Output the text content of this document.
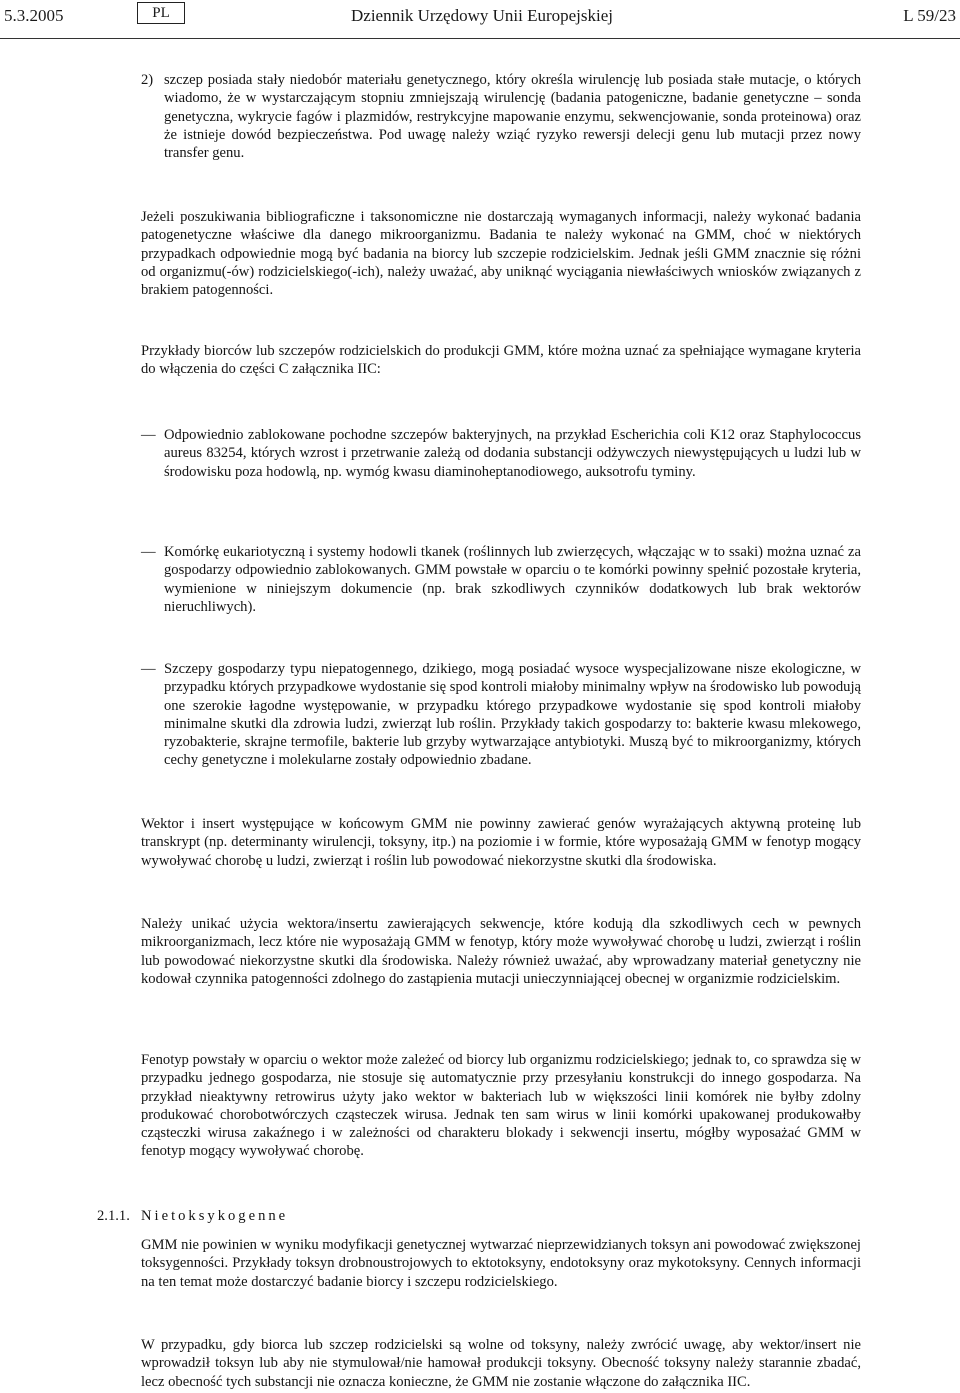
5.3.2005	PL	Dziennik Urzędowy Unii Europejskiej	L 59/23
2) szczep posiada stały niedobór materiału genetycznego, który określa wirulencję lub posiada stałe mutacje, o których wiadomo, że w wystarczającym stopniu zmniejszają wirulencję (badania patogeniczne, badanie genetyczne – sonda genetyczna, wykrycie fagów i plazmidów, restrykcyjne mapowanie enzymu, sekwencjowanie, sonda proteinowa) oraz że istnieje dowód bezpieczeństwa. Pod uwagę należy wziąć ryzyko rewersji delecji genu lub mutacji przez nowy transfer genu.

Jeżeli poszukiwania bibliograficzne i taksonomiczne nie dostarczają wymaganych informacji, należy wykonać badania patogenetyczne właściwe dla danego mikroorganizmu. Badania te należy wykonać na GMM, choć w niektórych przypadkach odpowiednie mogą być badania na biorcy lub szczepie rodzicielskim. Jednak jeśli GMM znacznie się różni od organizmu(-ów) rodzicielskiego(-ich), należy uważać, aby uniknąć wyciągania niewłaściwych wniosków związanych z brakiem patogenności.

Przykłady biorców lub szczepów rodzicielskich do produkcji GMM, które można uznać za spełniające wymagane kryteria do włączenia do części C załącznika IIC:

— Odpowiednio zablokowane pochodne szczepów bakteryjnych, na przykład Escherichia coli K12 oraz Staphylococcus aureus 83254, których wzrost i przetrwanie zależą od dodania substancji odżywczych niewystępujących u ludzi lub w środowisku poza hodowlą, np. wymóg kwasu diaminoheptanodiowego, auksotrofu tyminy.

— Komórkę eukariotyczną i systemy hodowli tkanek (roślinnych lub zwierzęcych, włączając w to ssaki) można uznać za gospodarzy odpowiednio zablokowanych. GMM powstałe w oparciu o te komórki powinny spełnić pozostałe kryteria, wymienione w niniejszym dokumencie (np. brak szkodliwych czynników dodatkowych lub brak wektorów nieruchliwych).

— Szczepy gospodarzy typu niepatogennego, dzikiego, mogą posiadać wysoce wyspecjalizowane nisze ekologiczne, w przypadku których przypadkowe wydostanie się spod kontroli miałoby minimalny wpływ na środowisko lub powodują one szerokie łagodne występowanie, w przypadku którego przypadkowe wydostanie się spod kontroli miałoby minimalne skutki dla zdrowia ludzi, zwierząt lub roślin. Przykłady takich gospodarzy to: bakterie kwasu mlekowego, ryzobakterie, skrajne termofile, bakterie lub grzyby wytwarzające antybiotyki. Muszą być to mikroorganizmy, których cechy genetyczne i molekularne zostały odpowiednio zbadane.

Wektor i insert występujące w końcowym GMM nie powinny zawierać genów wyrażających aktywną proteinę lub transkrypt (np. determinanty wirulencji, toksyny, itp.) na poziomie i w formie, które wyposażają GMM w fenotyp mogący wywoływać chorobę u ludzi, zwierząt i roślin lub powodować niekorzystne skutki dla środowiska.

Należy unikać użycia wektora/insertu zawierających sekwencje, które kodują dla szkodliwych cech w pewnych mikroorganizmach, lecz które nie wyposażają GMM w fenotyp, który może wywoływać chorobę u ludzi, zwierząt i roślin lub powodować niekorzystne skutki dla środowiska. Należy również uważać, aby wprowadzany materiał genetyczny nie kodował czynnika patogenności zdolnego do zastąpienia mutacji unieczynniającej obecnej w organizmie rodzicielskim.

Fenotyp powstały w oparciu o wektor może zależeć od biorcy lub organizmu rodzicielskiego; jednak to, co sprawdza się w przypadku jednego gospodarza, nie stosuje się automatycznie przy przesyłaniu konstrukcji do innego gospodarza. Na przykład nieaktywny retrowirus użyty jako wektor w bakteriach lub w większości linii komórek nie byłby zdolny produkować chorobotwórczych cząsteczek wirusa. Jednak ten sam wirus w linii komórki upakowanej produkowałby cząsteczki wirusa zakaźnego i w zależności od charakteru blokady i sekwencji insertu, mógłby wyposażać GMM w fenotyp mogący wywoływać chorobę.

2.1.1. Nietoksykogenne

GMM nie powinien w wyniku modyfikacji genetycznej wytwarzać nieprzewidzianych toksyn ani powodować zwiększonej toksygenności. Przykłady toksyn drobnoustrojowych to ektotoksyny, endotoksyny oraz mykotoksyny. Cennych informacji na ten temat może dostarczyć badanie biorcy i szczepu rodzicielskiego.

W przypadku, gdy biorca lub szczep rodzicielski są wolne od toksyny, należy zwrócić uwagę, aby wektor/insert nie wprowadził toksyn lub aby nie stymulował/nie hamował produkcji toksyny. Obecność toksyny należy starannie zbadać, lecz obecność tych substancji nie oznacza konieczne, że GMM nie zostanie włączone do załącznika IIC.
